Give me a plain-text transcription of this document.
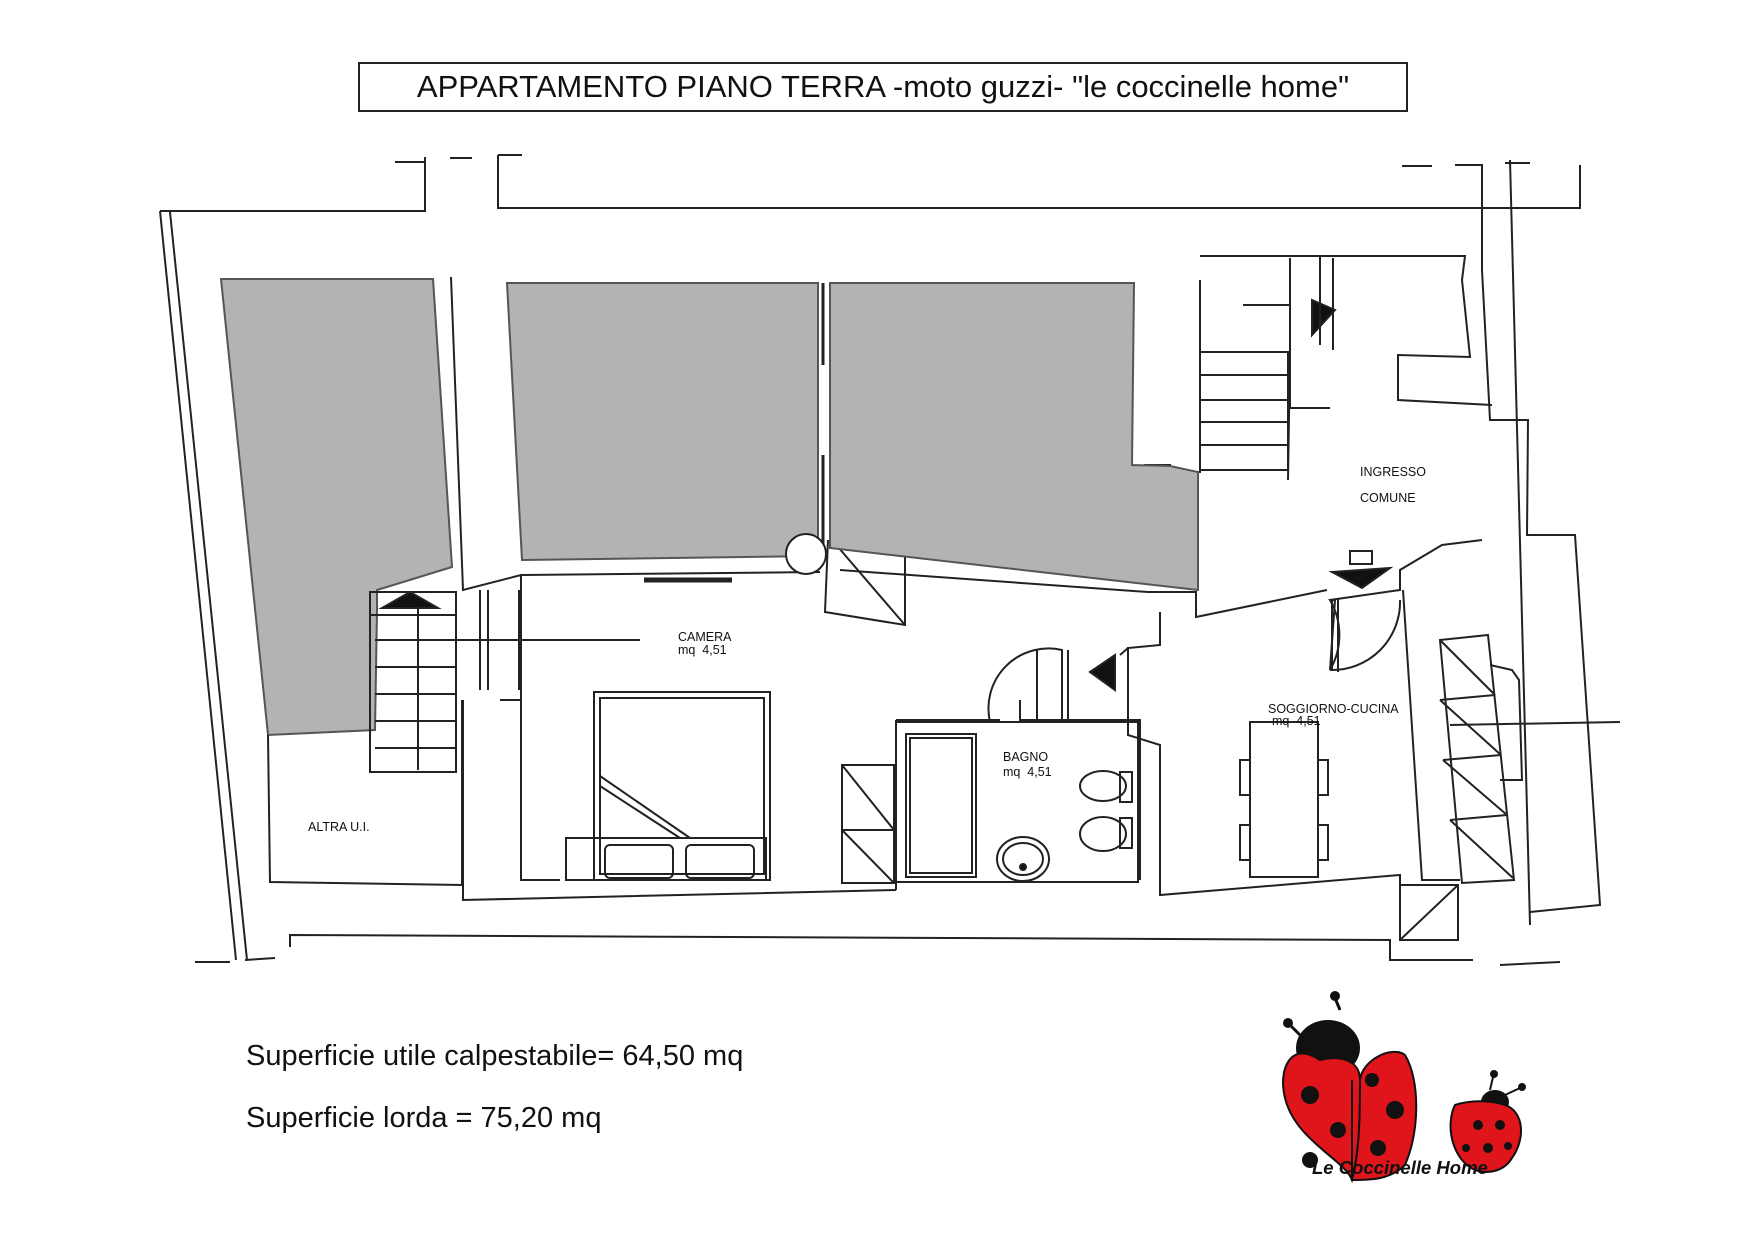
APPARTAMENTO PIANO TERRA -moto guzzi- "le coccinelle home"
INGRESSO
COMUNE
CAMERA
mq  4,51
BAGNO
mq  4,51
SOGGIORNO-CUCINA
mq  4,51
ALTRA U.I.
Superficie utile calpestabile= 64,50 mq
Superficie lorda = 75,20 mq
Le Coccinelle Home
